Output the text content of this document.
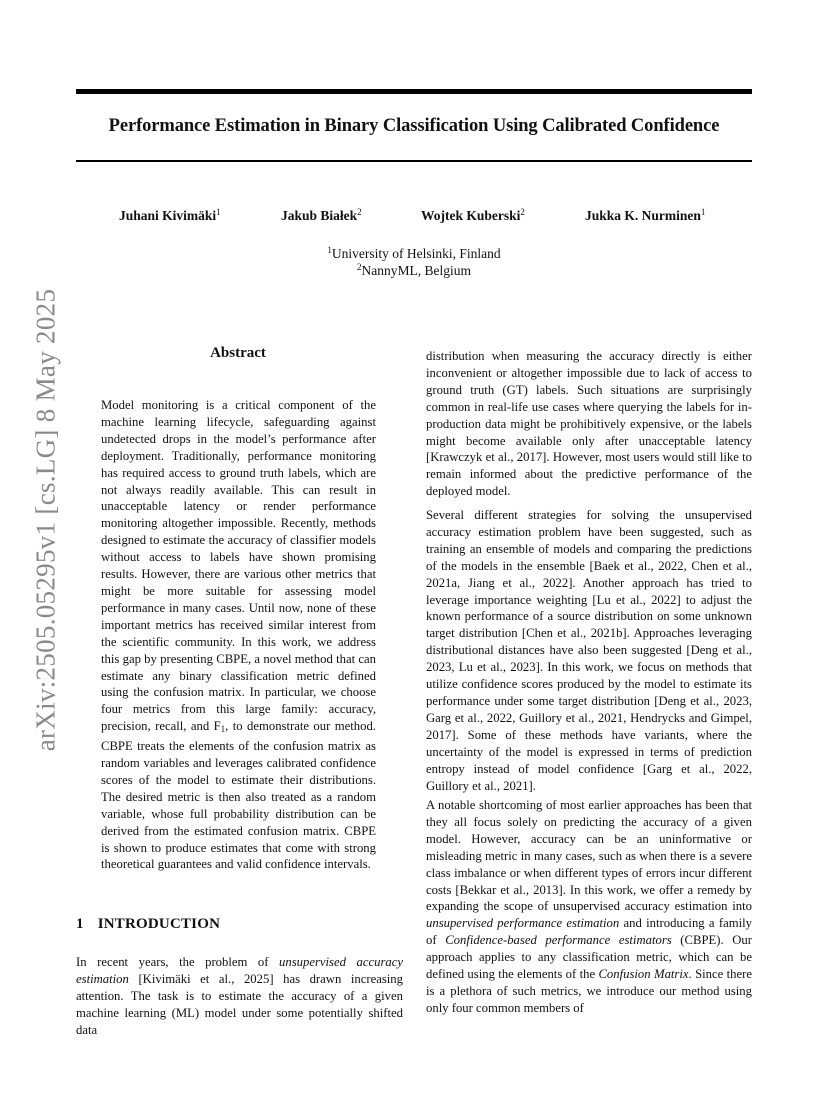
arXiv:2505.05295v1 [cs.LG] 8 May 2025
Performance Estimation in Binary Classification Using Calibrated Confidence
Juhani Kivimäki$^1$	Jakub Białek$^2$	Wojtek Kuberski$^2$	Jukka K. Nurminen$^1$
$^1$University of Helsinki, Finland
$^2$NannyML, Belgium
Abstract

Model monitoring is a critical component of the machine learning lifecycle, safeguarding against undetected drops in the model’s performance after deployment. Traditionally, performance monitoring has required access to ground truth labels, which are not always readily available. This can result in unacceptable latency or render performance monitoring altogether impossible. Recently, methods designed to estimate the accuracy of classifier models without access to labels have shown promising results. However, there are various other metrics that might be more suitable for assessing model performance in many cases. Until now, none of these important metrics has received similar interest from the scientific community. In this work, we address this gap by presenting CBPE, a novel method that can estimate any binary classification metric defined using the confusion matrix. In particular, we choose four metrics from this large family: accuracy, precision, recall, and $F_1$, to demonstrate our method. CBPE treats the elements of the confusion matrix as random variables and leverages calibrated confidence scores of the model to estimate their distributions. The desired metric is then also treated as a random variable, whose full probability distribution can be derived from the estimated confusion matrix. CBPE is shown to produce estimates that come with strong theoretical guarantees and valid confidence intervals.

1 INTRODUCTION

In recent years, the problem of unsupervised accuracy estimation [Kivimäki et al., 2025] has drawn increasing attention. The task is to estimate the accuracy of a given machine learning (ML) model under some potentially shifted data

distribution when measuring the accuracy directly is either inconvenient or altogether impossible due to lack of access to ground truth (GT) labels. Such situations are surprisingly common in real-life use cases where querying the labels for in-production data might be prohibitively expensive, or the labels might become available only after unacceptable latency [Krawczyk et al., 2017]. However, most users would still like to remain informed about the predictive performance of the deployed model.

Several different strategies for solving the unsupervised accuracy estimation problem have been suggested, such as training an ensemble of models and comparing the predictions of the models in the ensemble [Baek et al., 2022, Chen et al., 2021a, Jiang et al., 2022]. Another approach has tried to leverage importance weighting [Lu et al., 2022] to adjust the known performance of a source distribution on some unknown target distribution [Chen et al., 2021b]. Approaches leveraging distributional distances have also been suggested [Deng et al., 2023, Lu et al., 2023]. In this work, we focus on methods that utilize confidence scores produced by the model to estimate its performance under some target distribution [Deng et al., 2023, Garg et al., 2022, Guillory et al., 2021, Hendrycks and Gimpel, 2017]. Some of these methods have variants, where the uncertainty of the model is expressed in terms of prediction entropy instead of model confidence [Garg et al., 2022, Guillory et al., 2021].

A notable shortcoming of most earlier approaches has been that they all focus solely on predicting the accuracy of a given model. However, accuracy can be an uninformative or misleading metric in many cases, such as when there is a severe class imbalance or when different types of errors incur different costs [Bekkar et al., 2013]. In this work, we offer a remedy by expanding the scope of unsupervised accuracy estimation into unsupervised performance estimation and introducing a family of Confidence-based performance estimators (CBPE). Our approach applies to any classification metric, which can be defined using the elements of the Confusion Matrix. Since there is a plethora of such metrics, we introduce our method using only four common members of
